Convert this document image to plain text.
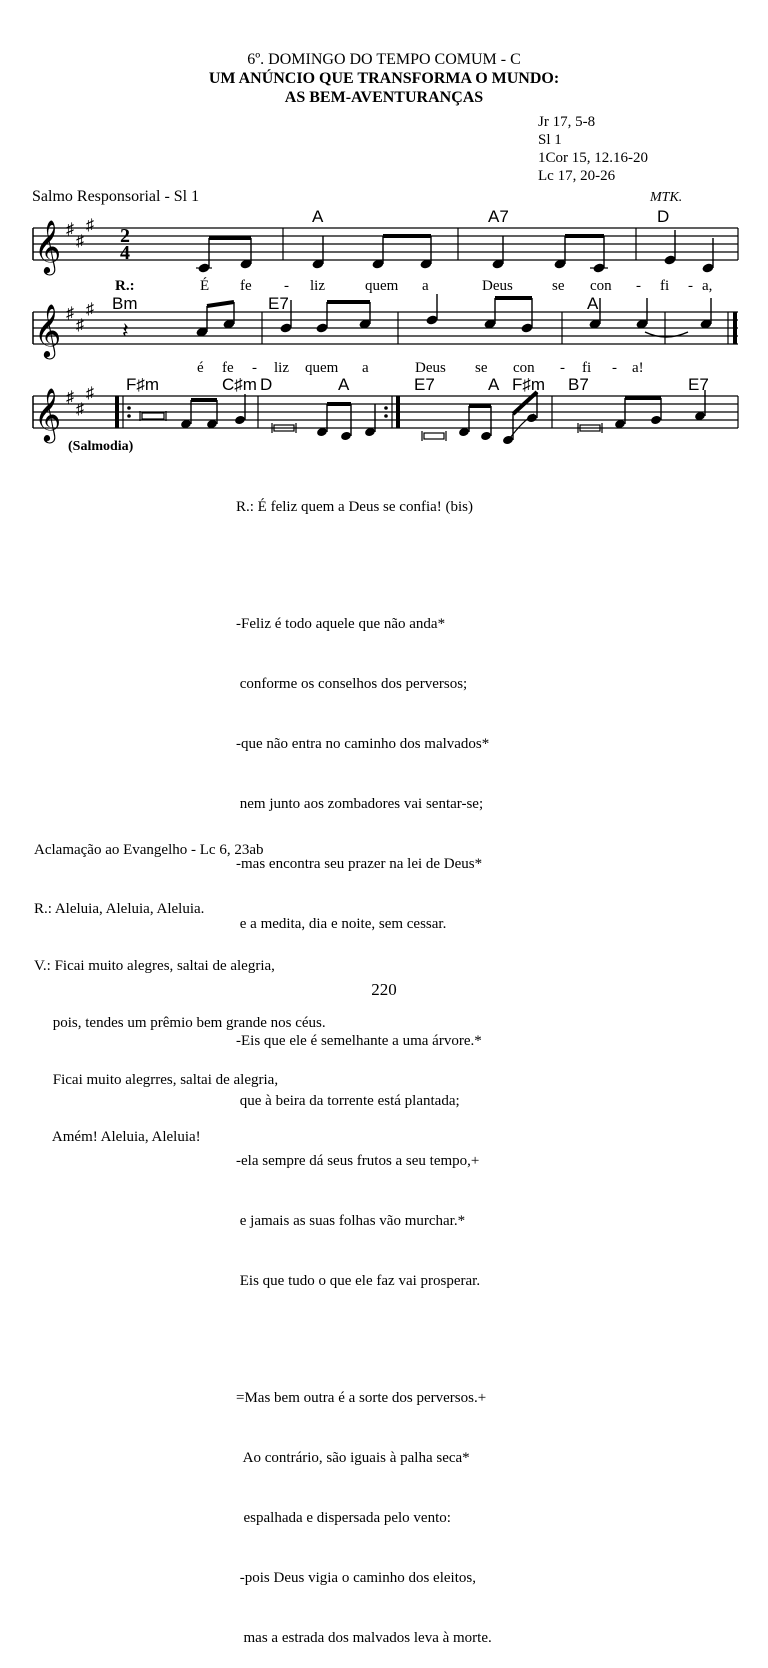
6º. DOMINGO DO TEMPO COMUM - C
UM ANÚNCIO QUE TRANSFORMA O MUNDO:
AS BEM-AVENTURANÇAS
Jr 17, 5-8
Sl 1
1Cor 15, 12.16-20
Lc 17, 20-26
Salmo Responsorial - Sl 1	MTK.
A	A7	D
𝄞 ♯
♯
♯ 2
4
R.:	É fe - liz	quem a	Deus	se con - fi - a,
Bm	E7	A
𝄞 ♯
♯
♯
𝄽
é fe - liz quem a	Deus se con - fi - a!
F♯m	C♯m D	A	E7	A F♯m B7	E7
𝄞 ♯
♯
♯
(Salmodia)

R.: É feliz quem a Deus se confia! (bis)

-Feliz é todo aquele que não anda*

conforme os conselhos dos perversos;

-que não entra no caminho dos malvados*

nem junto aos zombadores vai sentar-se;

-mas encontra seu prazer na lei de Deus*

e a medita, dia e noite, sem cessar.

-Eis que ele é semelhante a uma árvore.*

que à beira da torrente está plantada;

-ela sempre dá seus frutos a seu tempo,+

e jamais as suas folhas vão murchar.*

Eis que tudo o que ele faz vai prosperar.

=Mas bem outra é a sorte dos perversos.+

Ao contrário, são iguais à palha seca*

espalhada e dispersada pelo vento:

-pois Deus vigia o caminho dos eleitos,

mas a estrada dos malvados leva à morte.

Aclamação ao Evangelho - Lc 6, 23ab

R.: Aleluia, Aleluia, Aleluia.

V.: Ficai muito alegres, saltai de alegria,

pois, tendes um prêmio bem grande nos céus.

Ficai muito alegrres, saltai de alegria,

Amém! Aleluia, Aleluia!

220
